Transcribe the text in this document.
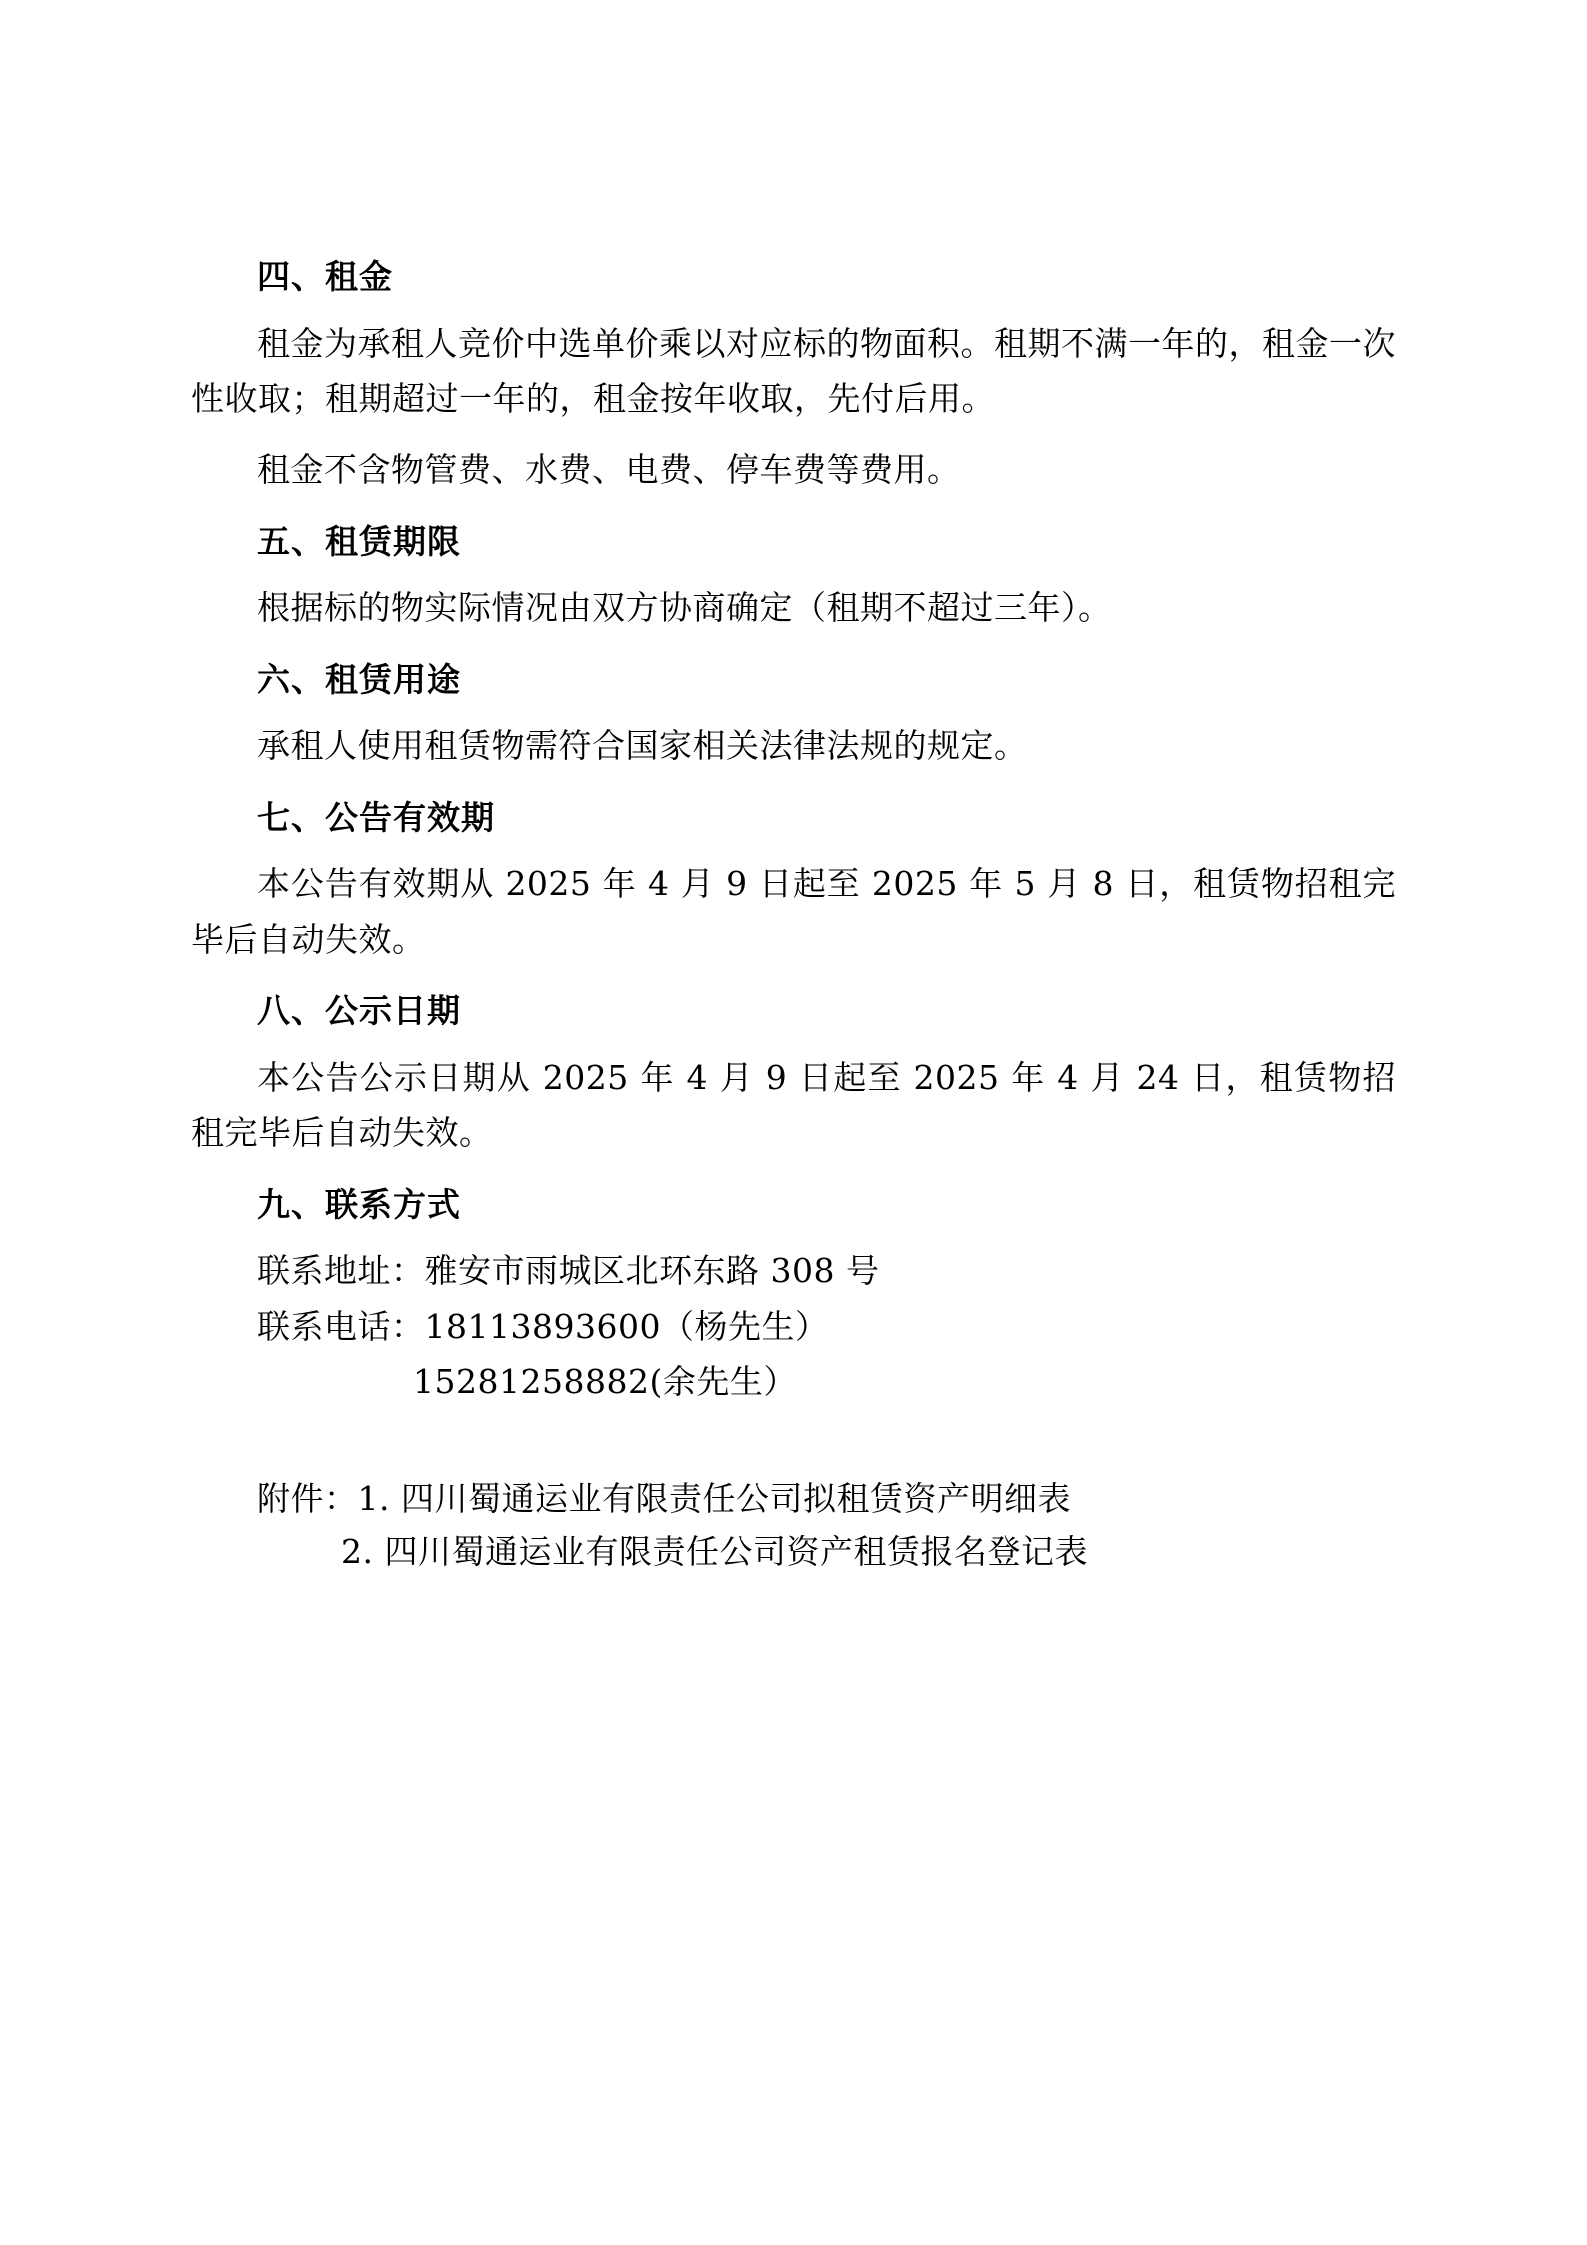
四、租金

租金为承租人竞价中选单价乘以对应标的物面积。租期不满一年的，租金一次性收取；租期超过一年的，租金按年收取，先付后用。

租金不含物管费、水费、电费、停车费等费用。

五、租赁期限

根据标的物实际情况由双方协商确定（租期不超过三年）。

六、租赁用途

承租人使用租赁物需符合国家相关法律法规的规定。

七、公告有效期

本公告有效期从 2025 年 4 月 9 日起至 2025 年 5 月 8 日，租赁物招租完毕后自动失效。

八、公示日期

本公告公示日期从 2025 年 4 月 9 日起至 2025 年 4 月 24 日，租赁物招租完毕后自动失效。

九、联系方式

联系地址：雅安市雨城区北环东路 308 号

联系电话：18113893600（杨先生）

15281258882(余先生）

附件：1. 四川蜀通运业有限责任公司拟租赁资产明细表

2. 四川蜀通运业有限责任公司资产租赁报名登记表
